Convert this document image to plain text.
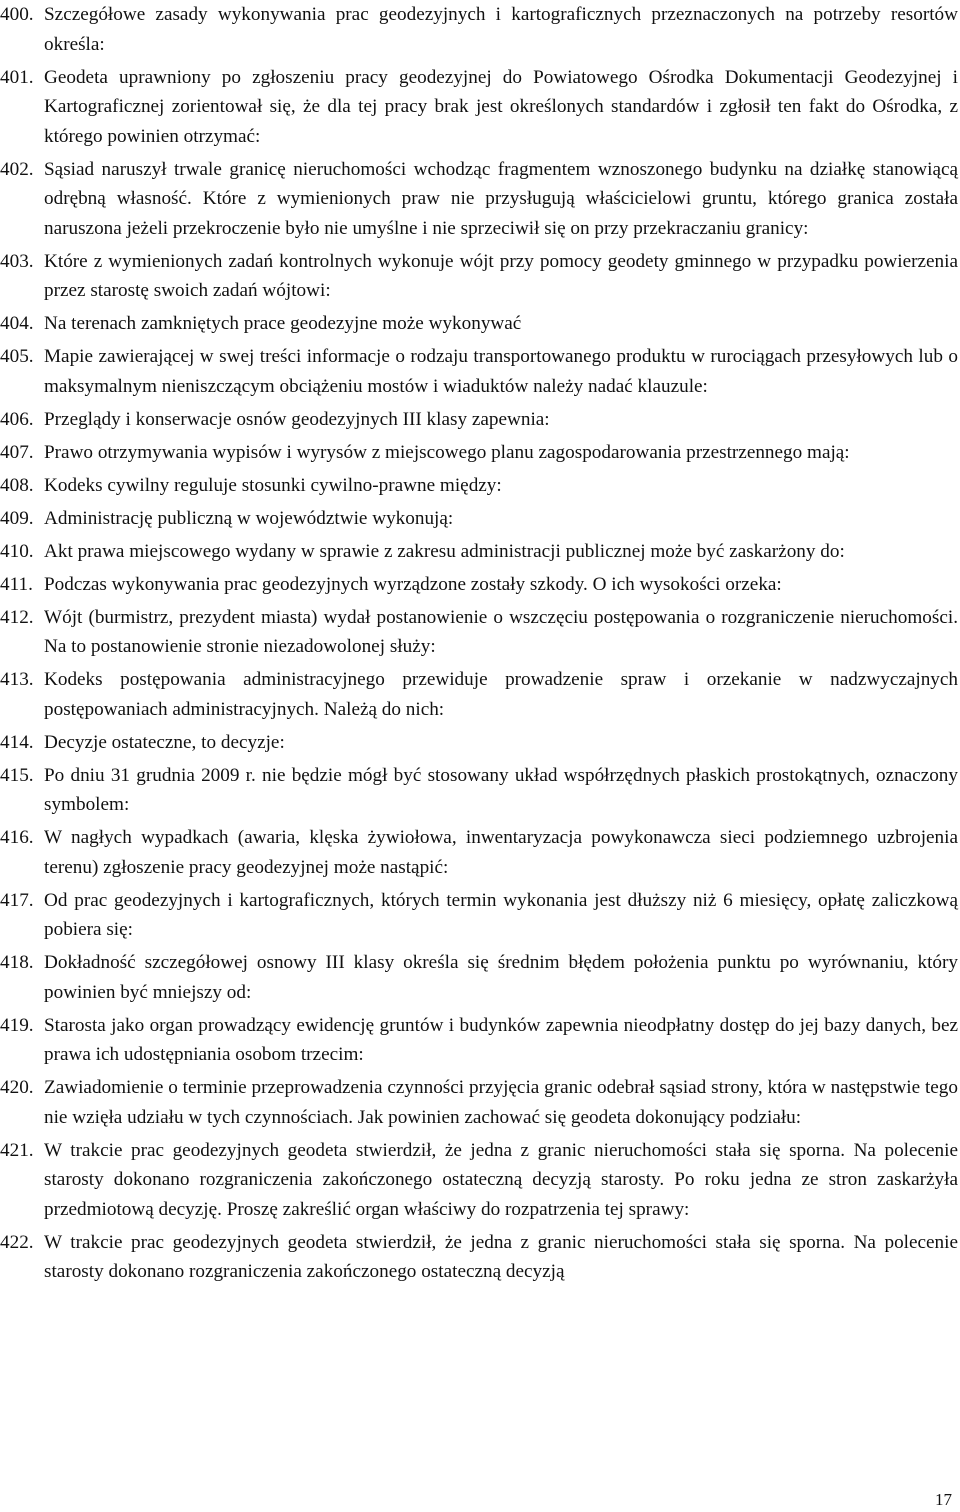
400. Szczegółowe zasady wykonywania prac geodezyjnych i kartograficznych przeznaczonych na potrzeby resortów określa:
401. Geodeta uprawniony po zgłoszeniu pracy geodezyjnej do Powiatowego Ośrodka Dokumentacji Geodezyjnej i Kartograficznej zorientował się, że dla tej pracy brak jest określonych standardów i zgłosił ten fakt do Ośrodka, z którego powinien otrzymać:
402. Sąsiad naruszył trwale granicę nieruchomości wchodząc fragmentem wznoszonego budynku na działkę stanowiącą odrębną własność. Które z wymienionych praw nie przysługują właścicielowi gruntu, którego granica została naruszona jeżeli przekroczenie było nie umyślne i nie sprzeciwił się on przy przekraczaniu granicy:
403. Które z wymienionych zadań kontrolnych wykonuje wójt przy pomocy geodety gminnego w przypadku powierzenia przez starostę swoich zadań wójtowi:
404. Na terenach zamkniętych prace geodezyjne może wykonywać
405. Mapie zawierającej w swej treści informacje o rodzaju transportowanego produktu w rurociągach przesyłowych lub o maksymalnym nieniszczącym obciążeniu mostów i wiaduktów należy nadać klauzule:
406. Przeglądy i konserwacje osnów geodezyjnych III klasy zapewnia:
407. Prawo otrzymywania wypisów i wyrysów z miejscowego planu zagospodarowania przestrzennego mają:
408. Kodeks cywilny reguluje stosunki cywilno-prawne między:
409. Administrację publiczną w województwie wykonują:
410. Akt prawa miejscowego wydany w sprawie z zakresu administracji publicznej może być zaskarżony do:
411. Podczas wykonywania prac geodezyjnych wyrządzone zostały szkody. O ich wysokości orzeka:
412. Wójt (burmistrz, prezydent miasta) wydał postanowienie o wszczęciu postępowania o rozgraniczenie nieruchomości. Na to postanowienie stronie niezadowolonej służy:
413. Kodeks postępowania administracyjnego przewiduje prowadzenie spraw i orzekanie w nadzwyczajnych postępowaniach administracyjnych. Należą do nich:
414. Decyzje ostateczne, to decyzje:
415. Po dniu 31 grudnia 2009 r. nie będzie mógł być stosowany układ współrzędnych płaskich prostokątnych, oznaczony symbolem:
416. W nagłych wypadkach (awaria, klęska żywiołowa, inwentaryzacja powykonawcza sieci podziemnego uzbrojenia terenu) zgłoszenie pracy geodezyjnej może nastąpić:
417. Od prac geodezyjnych i kartograficznych, których termin wykonania jest dłuższy niż 6 miesięcy, opłatę zaliczkową pobiera się:
418. Dokładność szczegółowej osnowy III klasy określa się średnim błędem położenia punktu po wyrównaniu, który powinien być mniejszy od:
419. Starosta jako organ prowadzący ewidencję gruntów i budynków zapewnia nieodpłatny dostęp do jej bazy danych, bez prawa ich udostępniania osobom trzecim:
420. Zawiadomienie o terminie przeprowadzenia czynności przyjęcia granic odebrał sąsiad strony, która w następstwie tego nie wzięła udziału w tych czynnościach. Jak powinien zachować się geodeta dokonujący podziału:
421. W trakcie prac geodezyjnych geodeta stwierdził, że jedna z granic nieruchomości stała się sporna. Na polecenie starosty dokonano rozgraniczenia zakończonego ostateczną decyzją starosty. Po roku jedna ze stron zaskarżyła przedmiotową decyzję. Proszę zakreślić organ właściwy do rozpatrzenia tej sprawy:
422. W trakcie prac geodezyjnych geodeta stwierdził, że jedna z granic nieruchomości stała się sporna. Na polecenie starosty dokonano rozgraniczenia zakończonego ostateczną decyzją
17
